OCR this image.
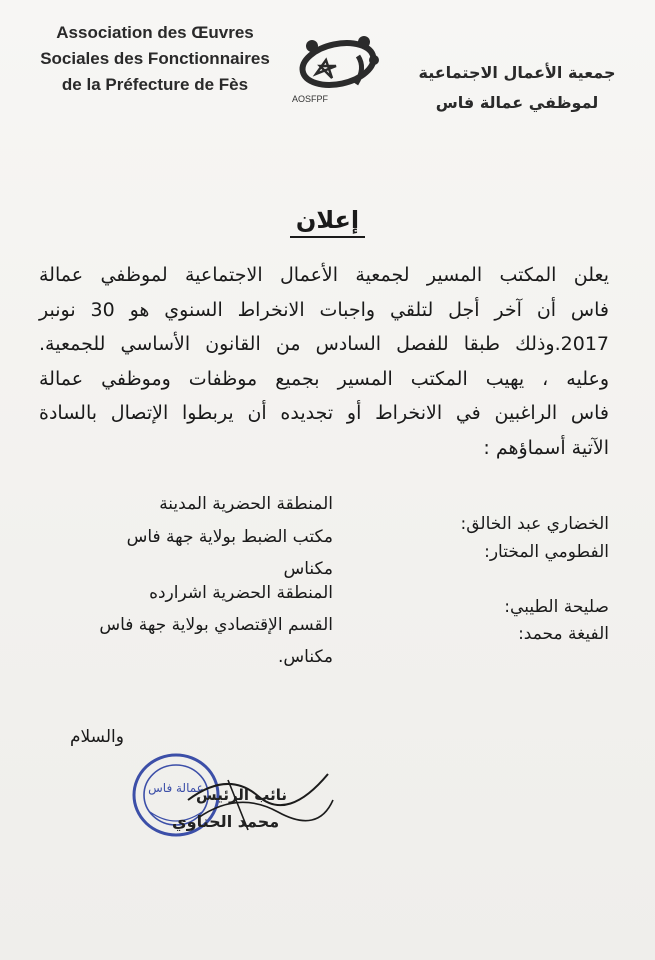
Association des Œuvres
Sociales des Fonctionnaires
de la Préfecture de Fès
AOSFPF
جمعية الأعمال الاجتماعية
لموظفي عمالة فاس
إعلان
يعلن المكتب المسير لجمعية الأعمال الاجتماعية لموظفي عمالة
فاس أن آخر أجل لتلقي واجبات الانخراط السنوي هو 30 نونبر
2017.وذلك طبقا للفصل السادس من القانون الأساسي للجمعية.
وعليه ، يهيب المكتب المسير بجميع موظفات وموظفي عمالة
فاس الراغبين في الانخراط أو تجديده أن يربطوا الإتصال بالسادة
الآتية أسماؤهم :
الخضاري عبد الخالق:
المنطقة الحضرية المدينة
الفطومي المختار:
مكتب الضبط بولاية جهة فاس
مكناس
صليحة الطيبي:
المنطقة الحضرية اشرارده
الفيغة محمد:
القسم الإقتصادي بولاية جهة فاس
مكناس.
والسلام
عمالة فاس
نائب الرئيس
محمد الحناوي
